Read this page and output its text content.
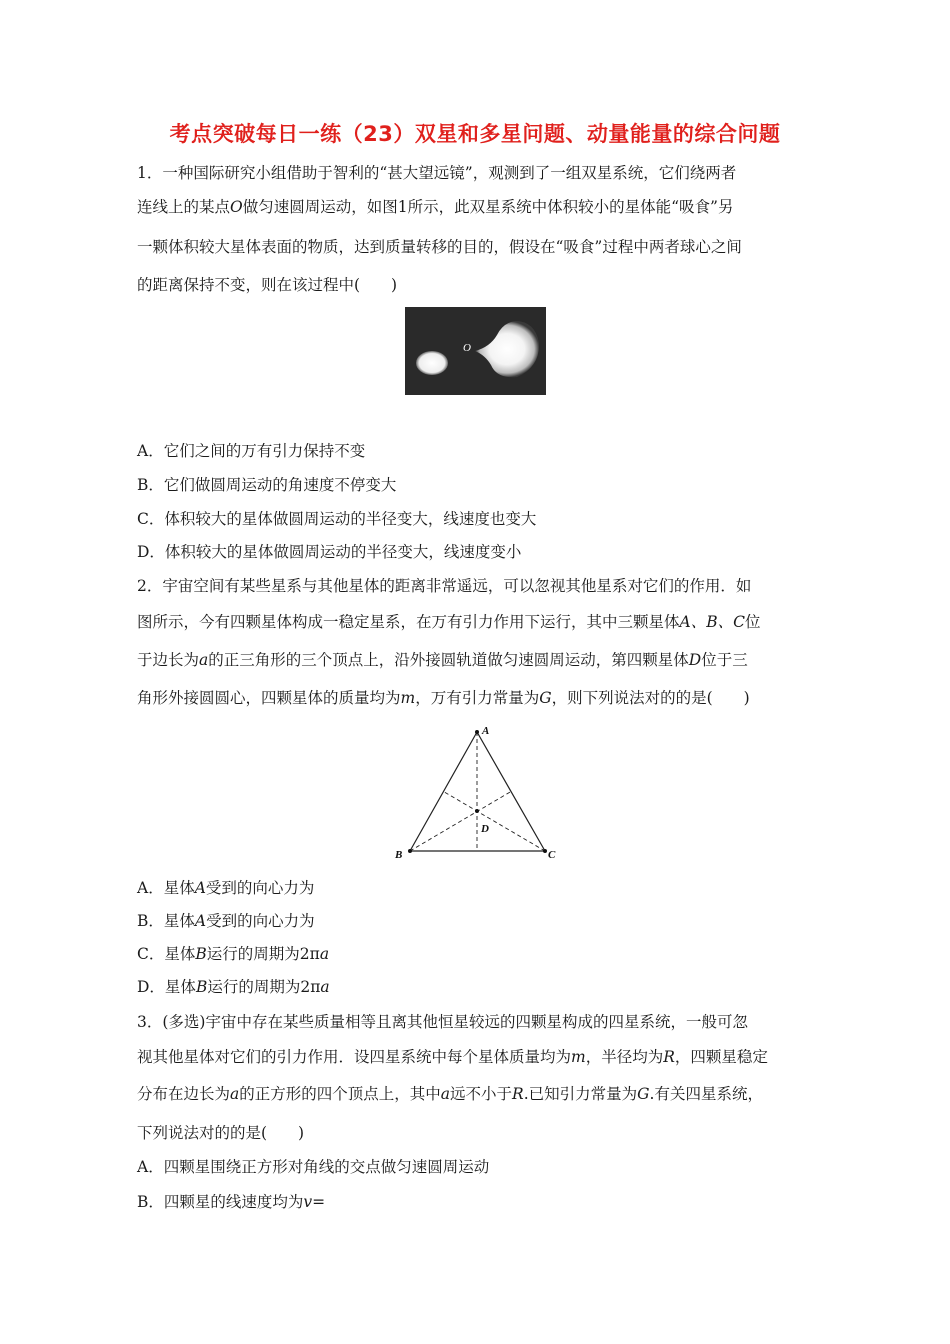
考点突破每日一练（23）双星和多星问题、动量能量的综合问题
1．一种国际研究小组借助于智利的“甚大望远镜”，观测到了一组双星系统，它们绕两者
连线上的某点O做匀速圆周运动，如图1所示，此双星系统中体积较小的星体能“吸食”另
一颗体积较大星体表面的物质，达到质量转移的目的，假设在“吸食”过程中两者球心之间
的距离保持不变，则在该过程中(　　)
O
A．它们之间的万有引力保持不变
B．它们做圆周运动的角速度不停变大
C．体积较大的星体做圆周运动的半径变大，线速度也变大
D．体积较大的星体做圆周运动的半径变大，线速度变小
2．宇宙空间有某些星系与其他星体的距离非常遥远，可以忽视其他星系对它们的作用．如
图所示，今有四颗星体构成一稳定星系，在万有引力作用下运行，其中三颗星体A、B、C位
于边长为a的正三角形的三个顶点上，沿外接圆轨道做匀速圆周运动，第四颗星体D位于三
角形外接圆圆心，四颗星体的质量均为m，万有引力常量为G，则下列说法对的的是(　　)
A
B	C
D
A．星体A受到的向心力为
B．星体A受到的向心力为
C．星体B运行的周期为2πa
D．星体B运行的周期为2πa
3．(多选)宇宙中存在某些质量相等且离其他恒星较远的四颗星构成的四星系统，一般可忽
视其他星体对它们的引力作用．设四星系统中每个星体质量均为m，半径均为R，四颗星稳定
分布在边长为a的正方形的四个顶点上，其中a远不小于R.已知引力常量为G.有关四星系统，
下列说法对的的是(　　)
A．四颗星围绕正方形对角线的交点做匀速圆周运动
B．四颗星的线速度均为v=
